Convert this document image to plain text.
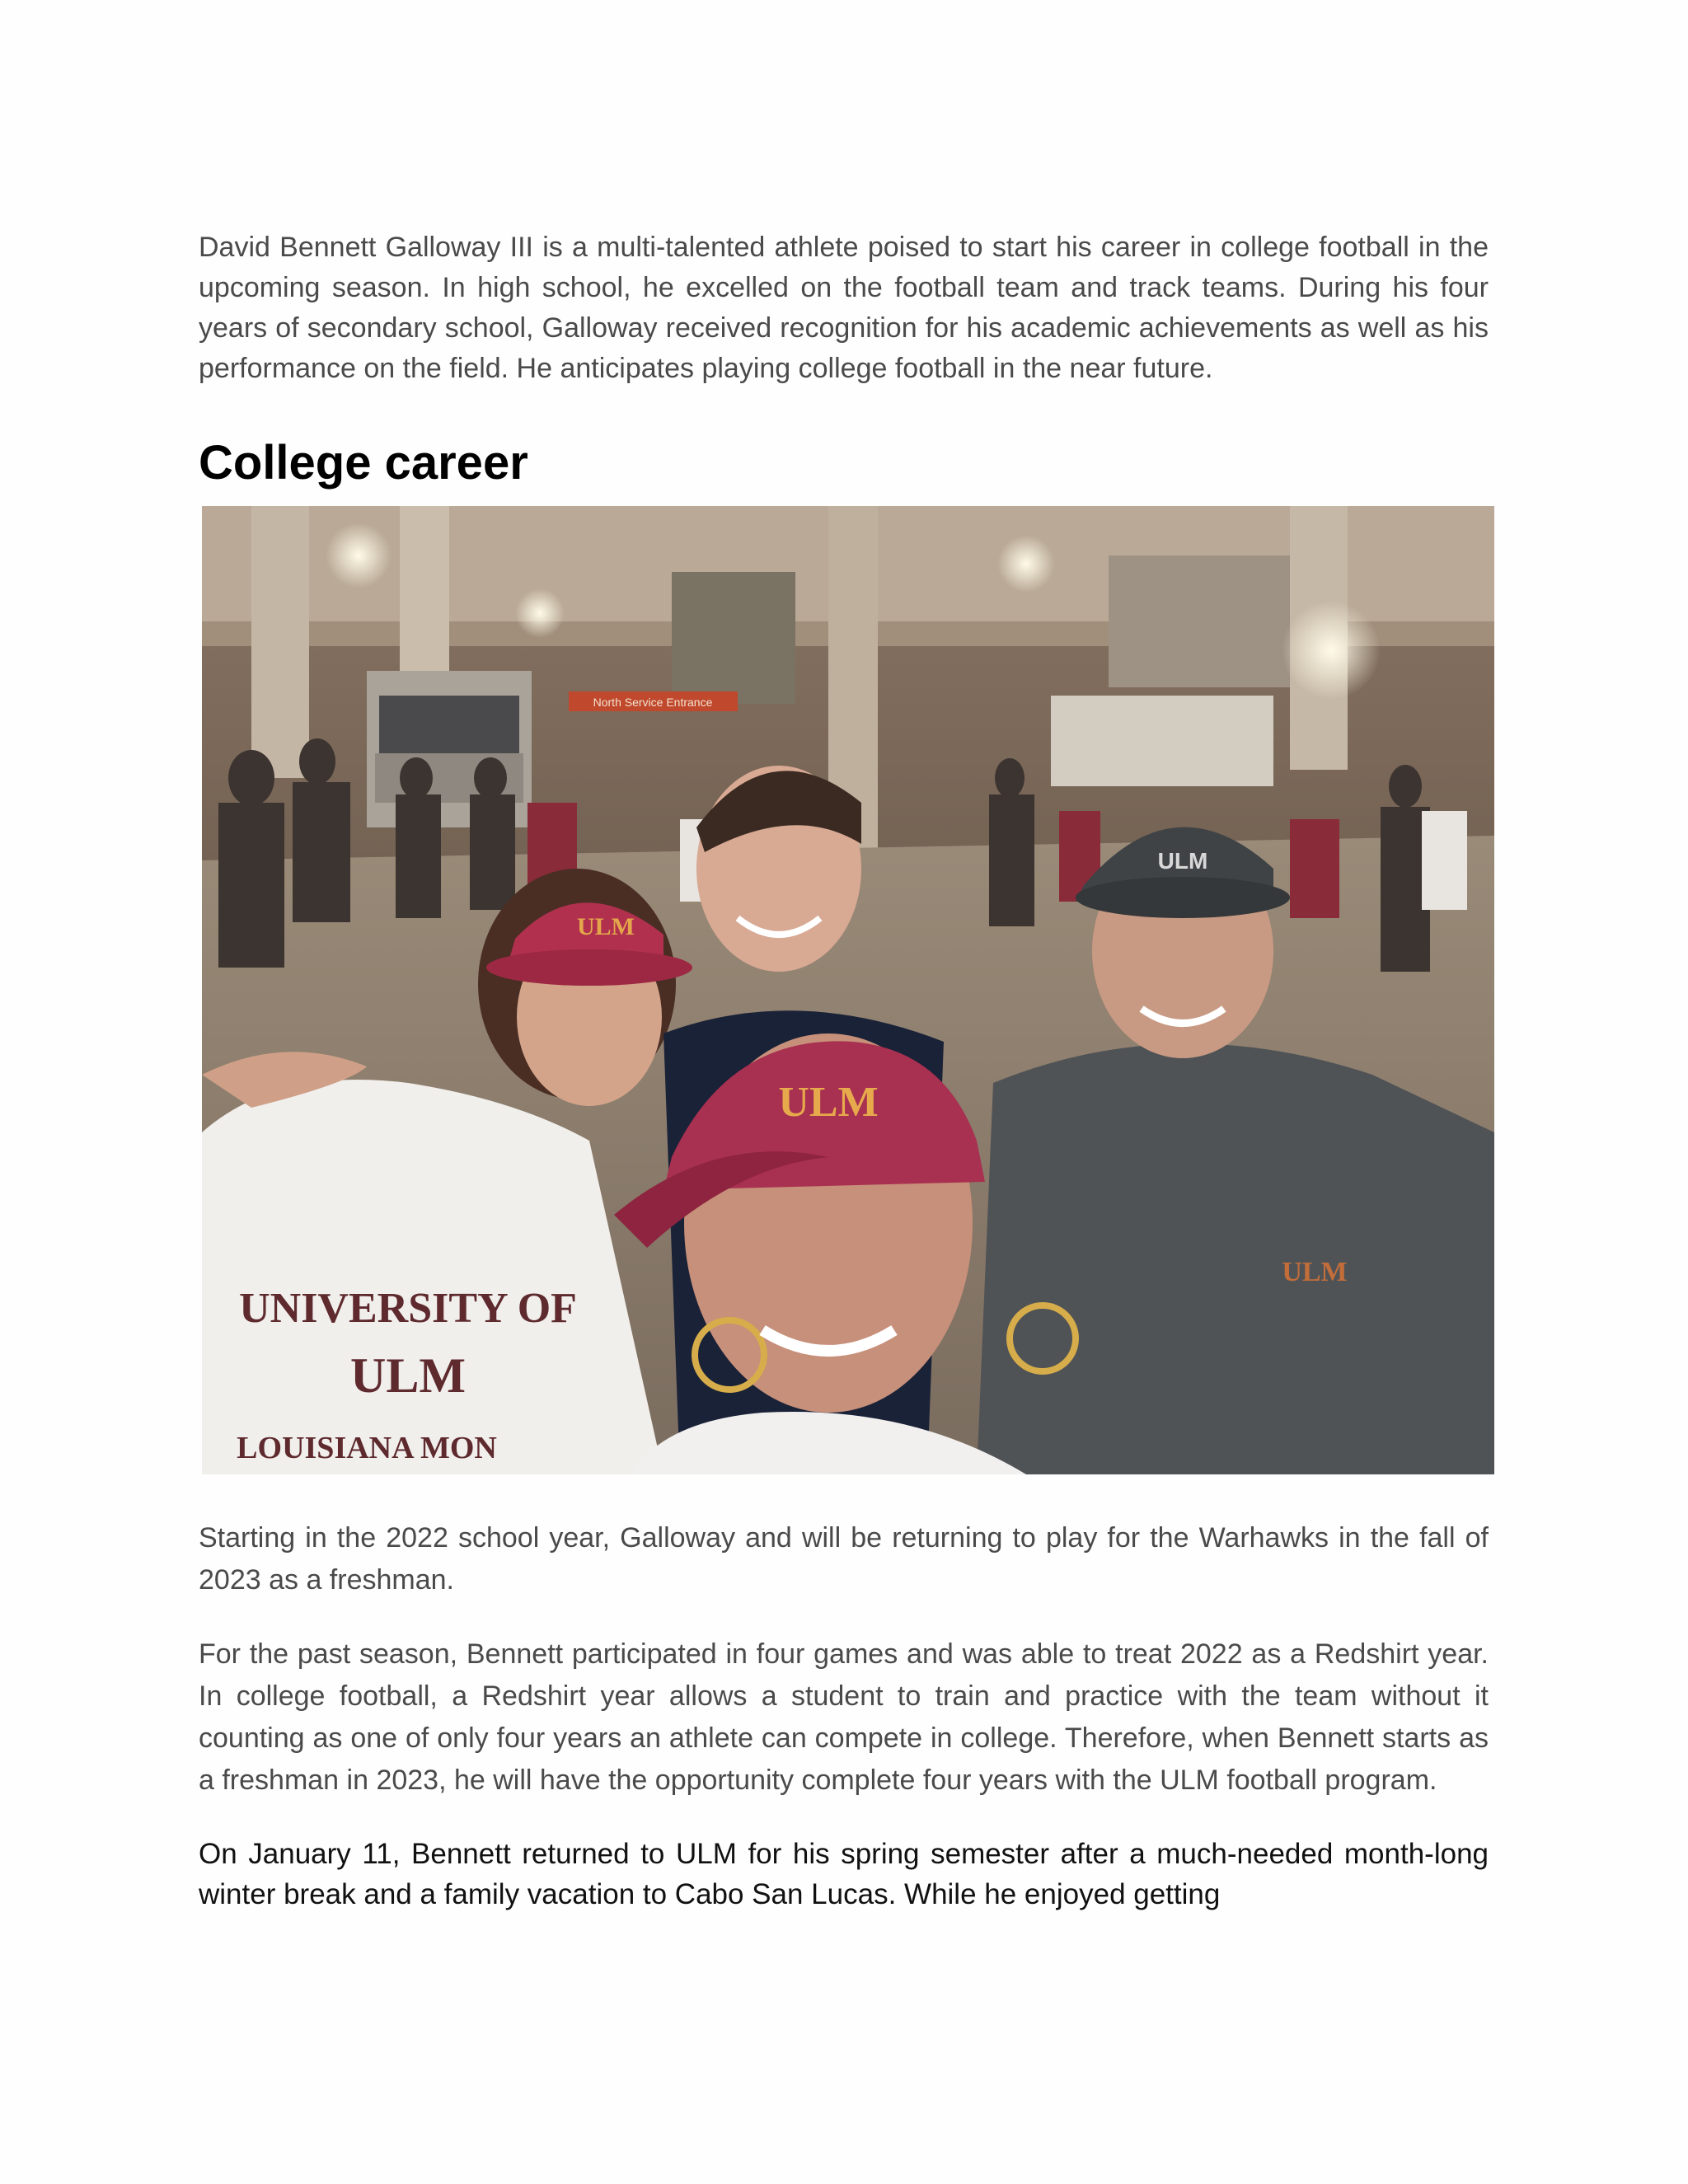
David Bennett Galloway III is a multi-talented athlete poised to start his career in college football in the upcoming season. In high school, he excelled on the football team and track teams. During his four years of secondary school, Galloway received recognition for his academic achievements as well as his performance on the field. He anticipates playing college football in the near future.

College career
North Service Entrance
ULM
UNIVERSITY OF
ULM
LOUISIANA MON
ULM
ULM
ULM

Starting in the 2022 school year, Galloway and will be returning to play for the Warhawks in the fall of 2023 as a freshman.

For the past season, Bennett participated in four games and was able to treat 2022 as a Redshirt year. In college football, a Redshirt year allows a student to train and practice with the team without it counting as one of only four years an athlete can compete in college. Therefore, when Bennett starts as a freshman in 2023, he will have the opportunity complete four years with the ULM football program.

On January 11, Bennett returned to ULM for his spring semester after a much-needed month-long winter break and a family vacation to Cabo San Lucas. While he enjoyed getting
